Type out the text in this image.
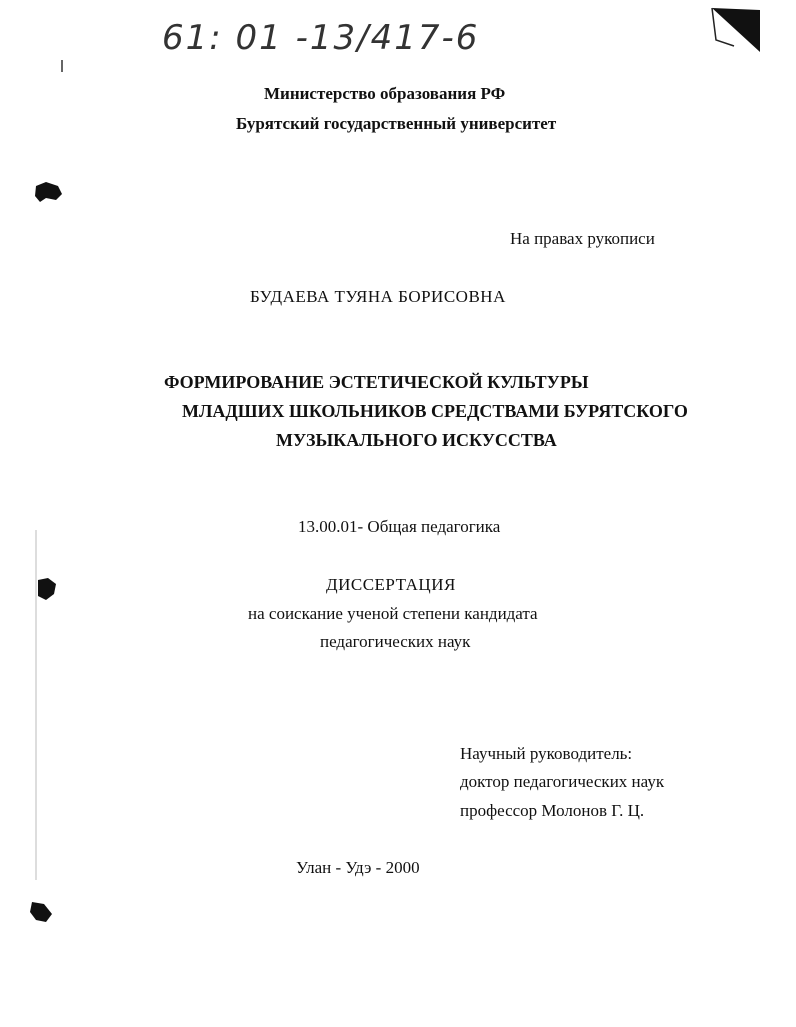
61: 01 -13/417-6
Министерство образования РФ
Бурятский государственный университет
На правах рукописи
БУДАЕВА ТУЯНА БОРИСОВНА
ФОРМИРОВАНИЕ ЭСТЕТИЧЕСКОЙ КУЛЬТУРЫ
МЛАДШИХ ШКОЛЬНИКОВ СРЕДСТВАМИ БУРЯТСКОГО
МУЗЫКАЛЬНОГО ИСКУССТВА
13.00.01- Общая педагогика
ДИССЕРТАЦИЯ
на соискание ученой степени кандидата
педагогических наук
Научный руководитель:
доктор педагогических наук
профессор Молонов Г. Ц.
Улан - Удэ - 2000
